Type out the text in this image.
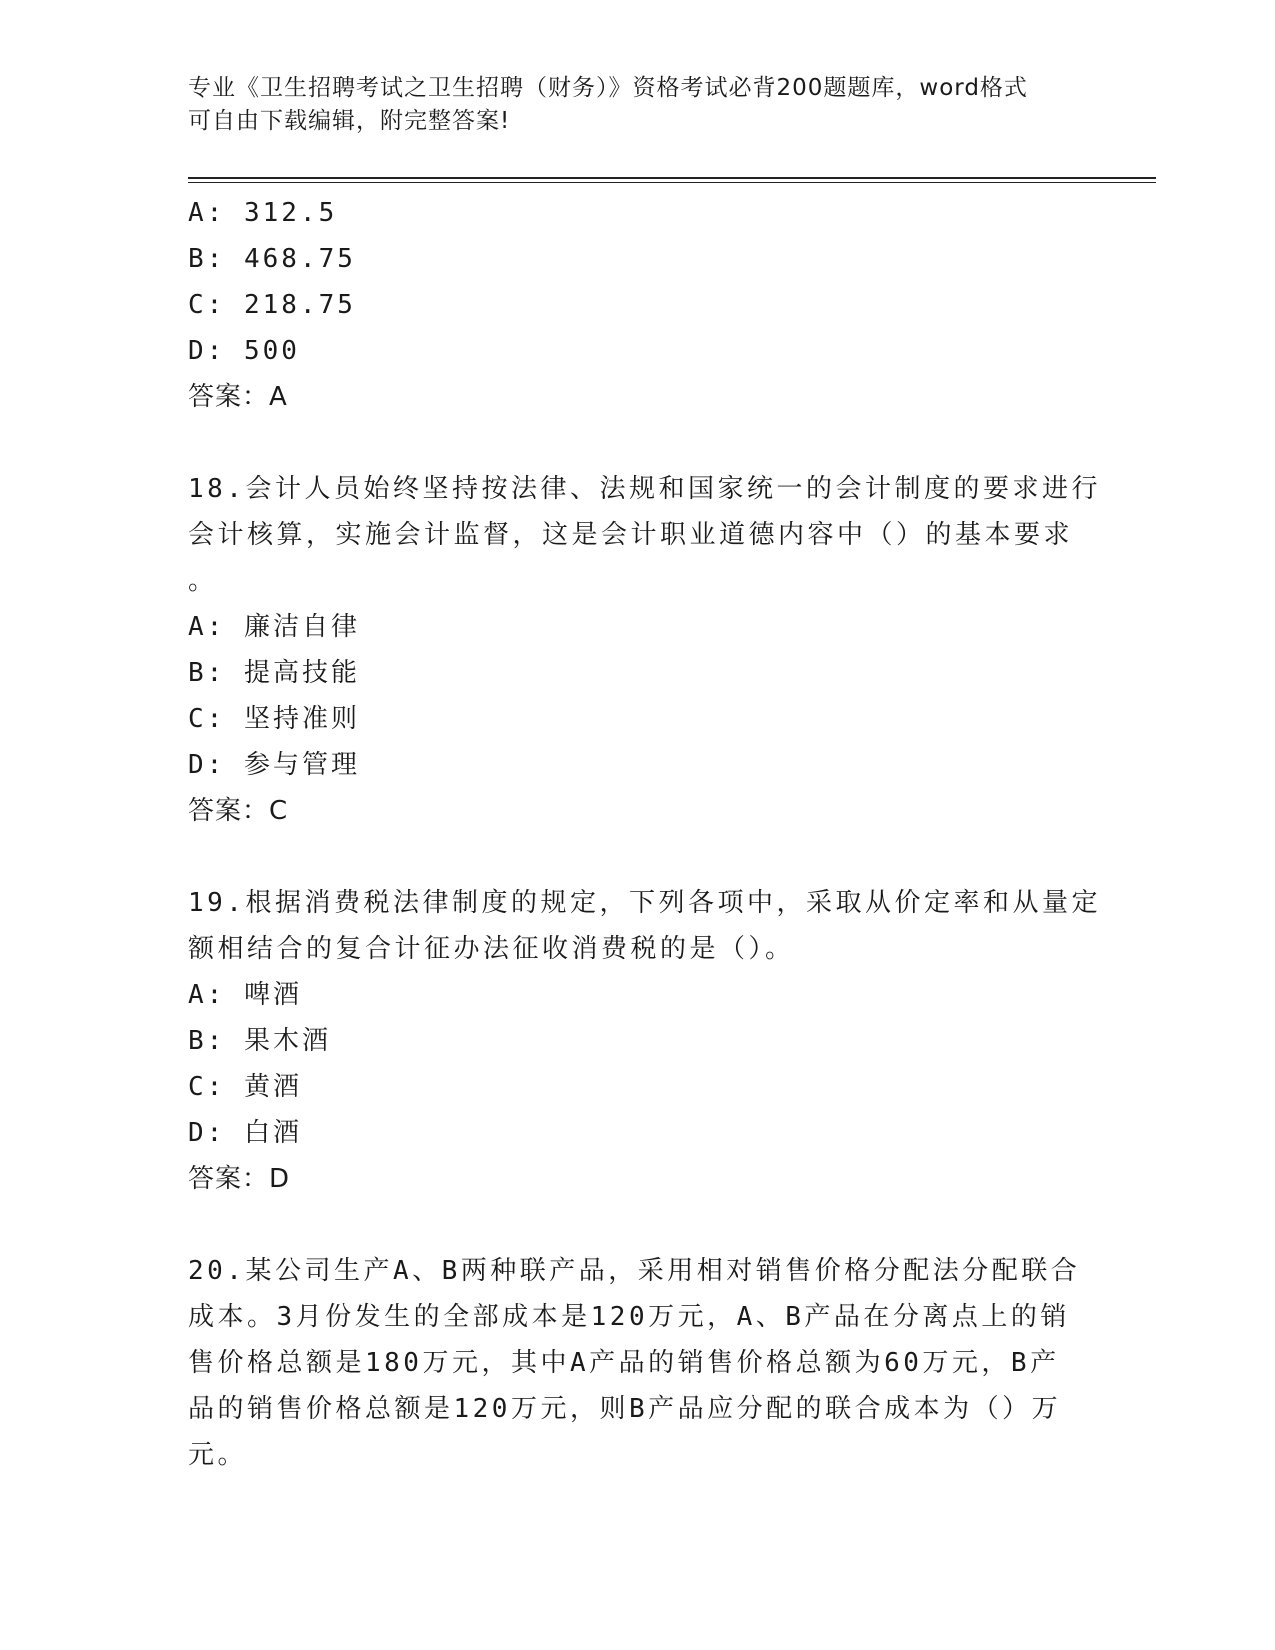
专业《卫生招聘考试之卫生招聘（财务）》资格考试必背200题题库，word格式
可自由下载编辑，附完整答案!
A: 312.5
B: 468.75
C: 218.75
D: 500
答案：A
18.会计人员始终坚持按法律、法规和国家统一的会计制度的要求进行
会计核算，实施会计监督，这是会计职业道德内容中（）的基本要求
。
A: 廉洁自律
B: 提高技能
C: 坚持准则
D: 参与管理
答案：C
19.根据消费税法律制度的规定，下列各项中，采取从价定率和从量定
额相结合的复合计征办法征收消费税的是（）。
A: 啤酒
B: 果木酒
C: 黄酒
D: 白酒
答案：D
20.某公司生产A、B两种联产品，采用相对销售价格分配法分配联合
成本。3月份发生的全部成本是120万元，A、B产品在分离点上的销
售价格总额是180万元，其中A产品的销售价格总额为60万元，B产
品的销售价格总额是120万元，则B产品应分配的联合成本为（）万
元。
